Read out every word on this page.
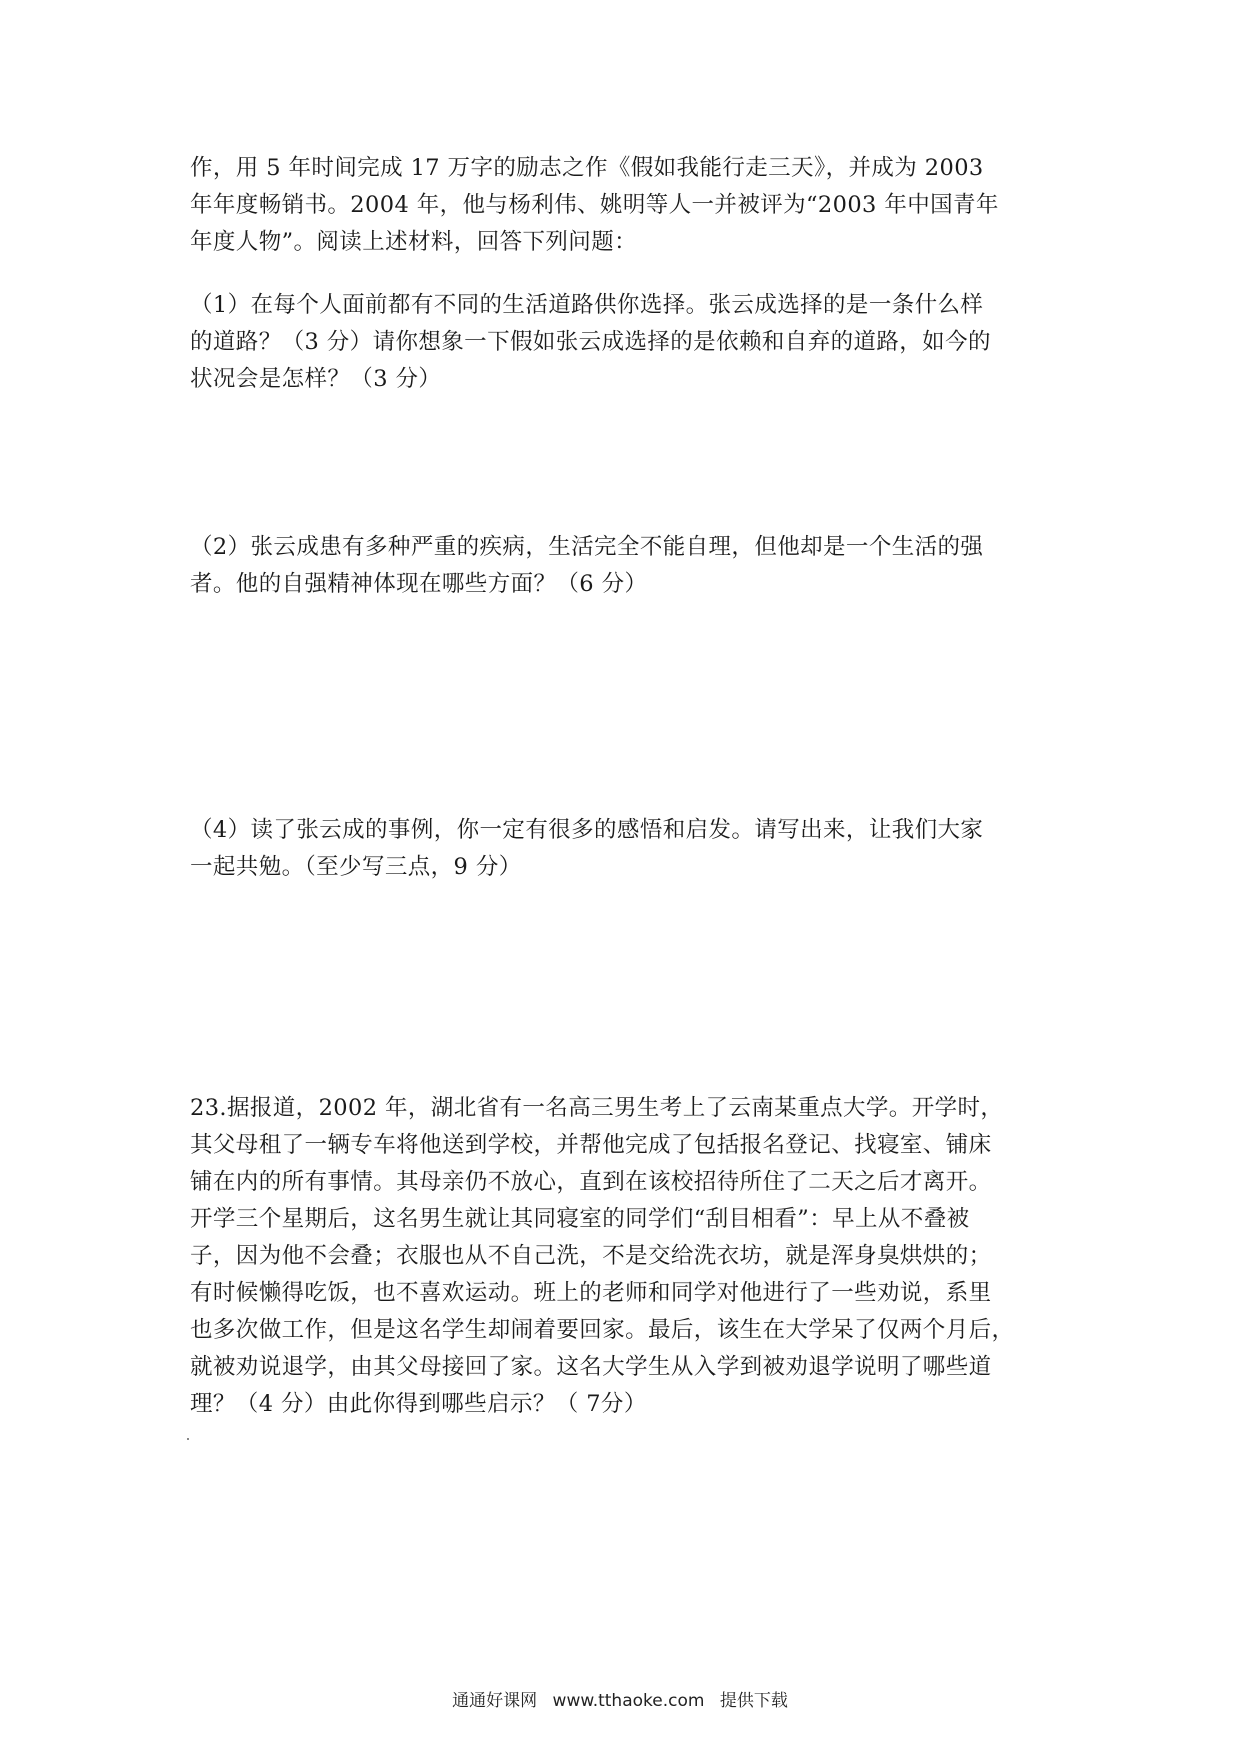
作，用 5 年时间完成 17 万字的励志之作《假如我能行走三天》，并成为 2003
年年度畅销书。2004 年，他与杨利伟、姚明等人一并被评为“2003 年中国青年
年度人物”。阅读上述材料，回答下列问题：
（1）在每个人面前都有不同的生活道路供你选择。张云成选择的是一条什么样
的道路？（3 分）请你想象一下假如张云成选择的是依赖和自弃的道路，如今的
状况会是怎样？（3 分）
（2）张云成患有多种严重的疾病，生活完全不能自理，但他却是一个生活的强
者。他的自强精神体现在哪些方面？（6 分）
（4）读了张云成的事例，你一定有很多的感悟和启发。请写出来，让我们大家
一起共勉。（至少写三点，9 分）
23.据报道，2002 年，湖北省有一名高三男生考上了云南某重点大学。开学时，
其父母租了一辆专车将他送到学校，并帮他完成了包括报名登记、找寝室、铺床
铺在内的所有事情。其母亲仍不放心，直到在该校招待所住了二天之后才离开。
开学三个星期后，这名男生就让其同寝室的同学们“刮目相看”：早上从不叠被
子，因为他不会叠；衣服也从不自己洗，不是交给洗衣坊，就是浑身臭烘烘的；
有时候懒得吃饭，也不喜欢运动。班上的老师和同学对他进行了一些劝说，系里
也多次做工作，但是这名学生却闹着要回家。最后，该生在大学呆了仅两个月后，
就被劝说退学，由其父母接回了家。这名大学生从入学到被劝退学说明了哪些道
理？（4 分）由此你得到哪些启示？（ 7分）
通通好课网 www.tthaoke.com 提供下载
